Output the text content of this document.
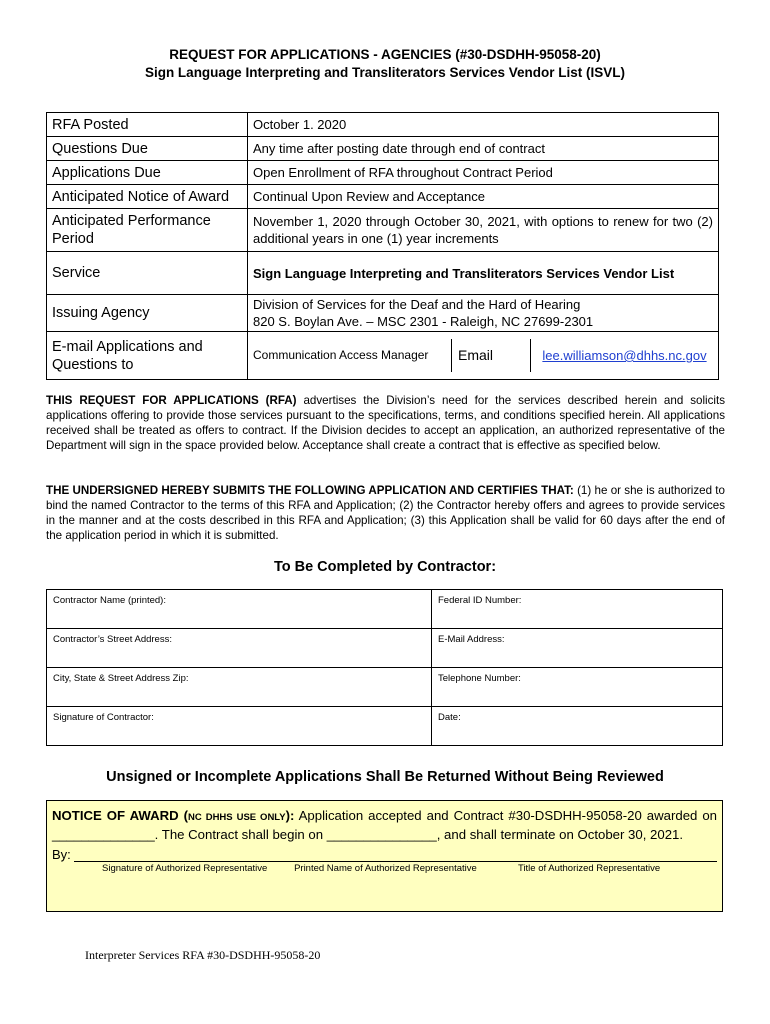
REQUEST FOR APPLICATIONS - AGENCIES (#30-DSDHH-95058-20)
Sign Language Interpreting and Transliterators Services Vendor List (ISVL)
RFA Posted	October 1. 2020
Questions Due	Any time after posting date through end of contract
Applications Due	Open Enrollment of RFA throughout Contract Period
Anticipated Notice of Award	Continual Upon Review and Acceptance
Anticipated Performance Period	November 1, 2020 through October 30, 2021, with options to renew for two (2) additional years in one (1) year increments
Service	Sign Language Interpreting and Transliterators Services Vendor List
Issuing Agency	Division of Services for the Deaf and the Hard of Hearing
820 S. Boylan Ave. – MSC 2301 - Raleigh, NC 27699-2301

E-mail Applications and Questions to	Communication Access Manager Email lee.williamson@dhhs.nc.gov
THIS REQUEST FOR APPLICATIONS (RFA) advertises the Division’s need for the services described herein and solicits applications offering to provide those services pursuant to the specifications, terms, and conditions specified herein. All applications received shall be treated as offers to contract. If the Division decides to accept an application, an authorized representative of the Department will sign in the space provided below. Acceptance shall create a contract that is effective as specified below.
THE UNDERSIGNED HEREBY SUBMITS THE FOLLOWING APPLICATION AND CERTIFIES THAT: (1) he or she is authorized to bind the named Contractor to the terms of this RFA and Application; (2) the Contractor hereby offers and agrees to provide services in the manner and at the costs described in this RFA and Application; (3) this Application shall be valid for 60 days after the end of the application period in which it is submitted.
To Be Completed by Contractor:
Contractor Name (printed):	Federal ID Number:
Contractor’s Street Address:	E-Mail Address:
City, State & Street Address Zip:	Telephone Number:
Signature of Contractor:	Date:
Unsigned or Incomplete Applications Shall Be Returned Without Being Reviewed
NOTICE OF AWARD (NC DHHS USE ONLY): Application accepted and Contract #30-DSDHH-95058-20 awarded on ______________. The Contract shall begin on _______________, and shall terminate on October 30, 2021.
By:
Signature of Authorized Representative	Printed Name of Authorized Representative	Title of Authorized Representative
Interpreter Services RFA #30-DSDHH-95058-20
